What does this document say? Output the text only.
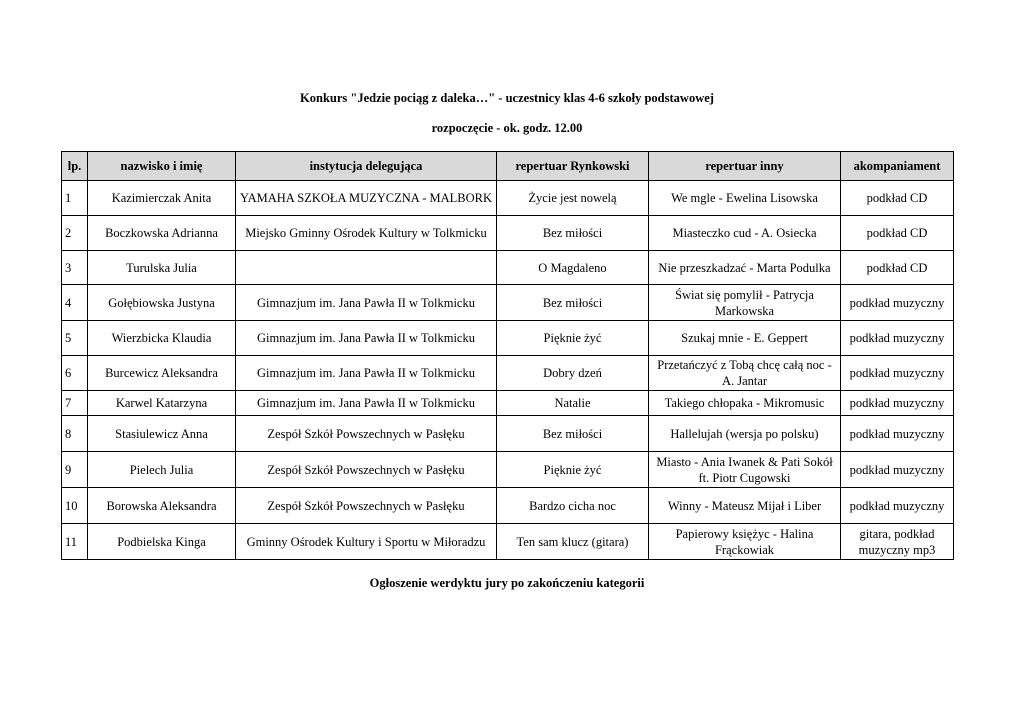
Konkurs "Jedzie pociąg z daleka…" - uczestnicy klas 4-6 szkoły podstawowej
rozpoczęcie - ok. godz. 12.00
lp.	nazwisko i imię	instytucja delegująca	repertuar Rynkowski	repertuar inny	akompaniament
1	Kazimierczak Anita	YAMAHA SZKOŁA MUZYCZNA - MALBORK	Życie jest nowelą	We mgle - Ewelina Lisowska	podkład CD
2	Boczkowska Adrianna	Miejsko Gminny Ośrodek Kultury w Tolkmicku	Bez miłości	Miasteczko cud - A. Osiecka	podkład CD
3	Turulska Julia		O Magdaleno	Nie przeszkadzać - Marta Podulka	podkład CD
4	Gołębiowska Justyna	Gimnazjum im. Jana Pawła II w Tolkmicku	Bez miłości	Świat się pomylił - Patrycja Markowska	podkład muzyczny
5	Wierzbicka Klaudia	Gimnazjum im. Jana Pawła II w Tolkmicku	Pięknie żyć	Szukaj mnie - E. Geppert	podkład muzyczny
6	Burcewicz Aleksandra	Gimnazjum im. Jana Pawła II w Tolkmicku	Dobry dzeń	Przetańczyć z Tobą chcę całą noc - A. Jantar	podkład muzyczny
7	Karwel Katarzyna	Gimnazjum im. Jana Pawła II w Tolkmicku	Natalie	Takiego chłopaka - Mikromusic	podkład muzyczny
8	Stasiulewicz Anna	Zespół Szkół Powszechnych w Pasłęku	Bez miłości	Hallelujah (wersja po polsku)	podkład muzyczny
9	Pielech Julia	Zespół Szkół Powszechnych w Pasłęku	Pięknie żyć	Miasto - Ania Iwanek & Pati Sokół ft. Piotr Cugowski	podkład muzyczny
10	Borowska Aleksandra	Zespół Szkół Powszechnych w Pasłęku	Bardzo cicha noc	Winny - Mateusz Mijał i Liber	podkład muzyczny
11	Podbielska Kinga	Gminny Ośrodek Kultury i Sportu w Miłoradzu	Ten sam klucz (gitara)	Papierowy księżyc - Halina Frąckowiak	gitara, podkład muzyczny mp3
Ogłoszenie werdyktu jury po zakończeniu kategorii
